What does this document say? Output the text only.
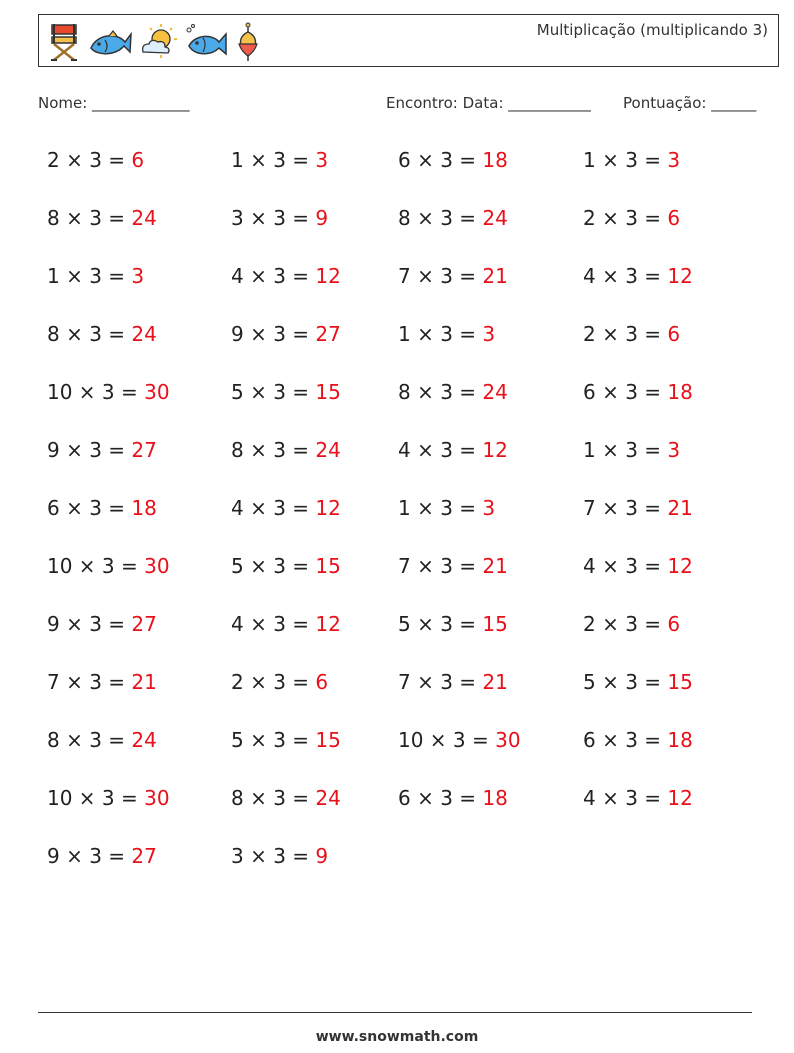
Multiplicação (multiplicando 3)
Nome: _____________	Encontro: Data: ___________ Pontuação: ______
2 × 3 = 6
8 × 3 = 24
1 × 3 = 3
8 × 3 = 24
10 × 3 = 30
9 × 3 = 27
6 × 3 = 18
10 × 3 = 30
9 × 3 = 27
7 × 3 = 21
8 × 3 = 24
10 × 3 = 30
9 × 3 = 27
1 × 3 = 3
3 × 3 = 9
4 × 3 = 12
9 × 3 = 27
5 × 3 = 15
8 × 3 = 24
4 × 3 = 12
5 × 3 = 15
4 × 3 = 12
2 × 3 = 6
5 × 3 = 15
8 × 3 = 24
3 × 3 = 9
6 × 3 = 18
8 × 3 = 24
7 × 3 = 21
1 × 3 = 3
8 × 3 = 24
4 × 3 = 12
1 × 3 = 3
7 × 3 = 21
5 × 3 = 15
7 × 3 = 21
10 × 3 = 30
6 × 3 = 18
1 × 3 = 3
2 × 3 = 6
4 × 3 = 12
2 × 3 = 6
6 × 3 = 18
1 × 3 = 3
7 × 3 = 21
4 × 3 = 12
2 × 3 = 6
5 × 3 = 15
6 × 3 = 18
4 × 3 = 12
www.snowmath.com
